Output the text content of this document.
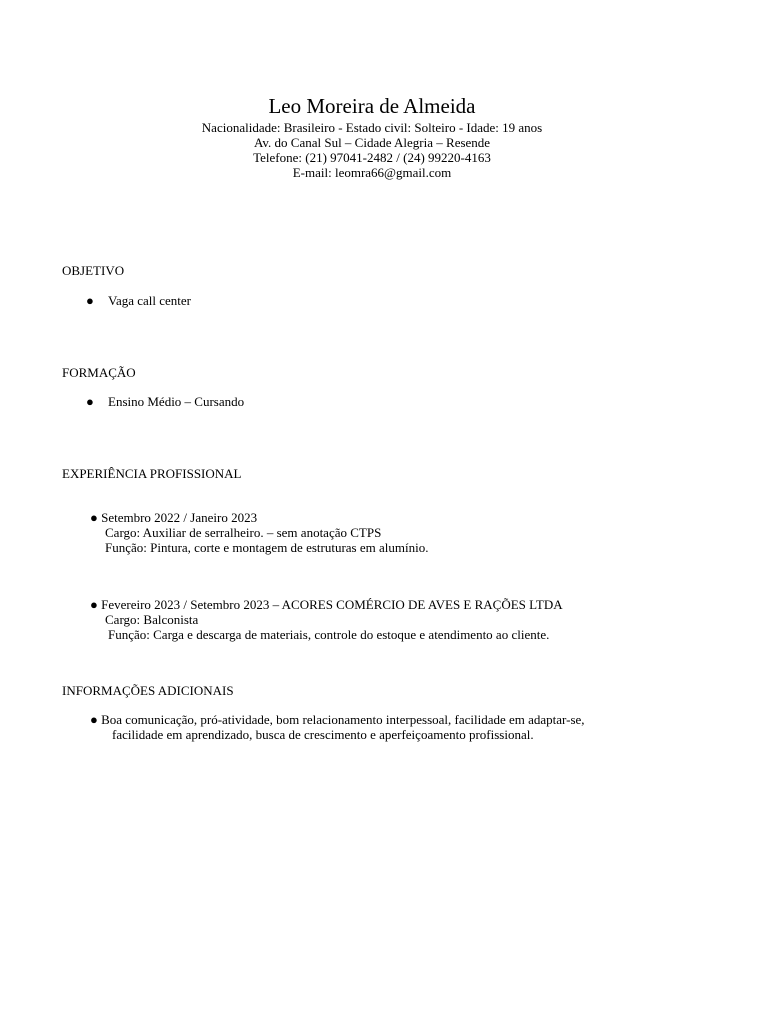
Leo Moreira de Almeida

Nacionalidade: Brasileiro - Estado civil: Solteiro - Idade: 19 anos

Av. do Canal Sul – Cidade Alegria – Resende

Telefone: (21) 97041-2482 / (24) 99220-4163

E-mail: leomra66@gmail.com

OBJETIVO

●	Vaga call center

FORMAÇÃO

●	Ensino Médio – Cursando

EXPERIÊNCIA PROFISSIONAL

● Setembro 2022 / Janeiro 2023
Cargo: Auxiliar de serralheiro. – sem anotação CTPS
Função: Pintura, corte e montagem de estruturas em alumínio.
● Fevereiro 2023 / Setembro 2023 – ACORES COMÉRCIO DE AVES E RAÇÕES LTDA
Cargo: Balconista
Função: Carga e descarga de materiais, controle do estoque e atendimento ao cliente.

INFORMAÇÕES ADICIONAIS

● Boa comunicação, pró-atividade, bom relacionamento interpessoal, facilidade em adaptar-se,
facilidade em aprendizado, busca de crescimento e aperfeiçoamento profissional.
